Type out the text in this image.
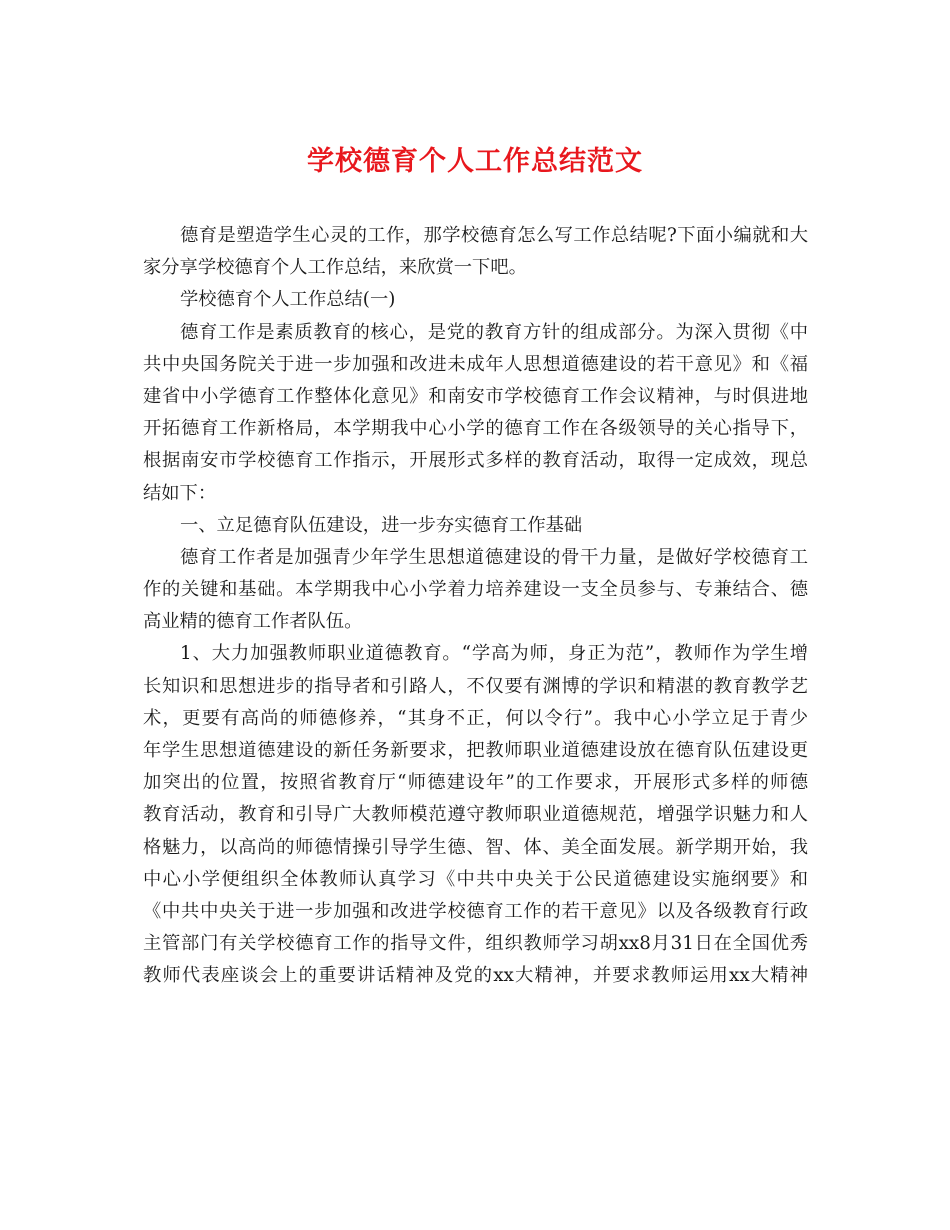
学校德育个人工作总结范文
德育是塑造学生心灵的工作，那学校德育怎么写工作总结呢?下面小编就和大
家分享学校德育个人工作总结，来欣赏一下吧。
学校德育个人工作总结(一)
德育工作是素质教育的核心，是党的教育方针的组成部分。为深入贯彻《中
共中央国务院关于进一步加强和改进未成年人思想道德建设的若干意见》和《福
建省中小学德育工作整体化意见》和南安市学校德育工作会议精神，与时俱进地
开拓德育工作新格局，本学期我中心小学的德育工作在各级领导的关心指导下，
根据南安市学校德育工作指示，开展形式多样的教育活动，取得一定成效，现总
结如下：
一、立足德育队伍建设，进一步夯实德育工作基础
德育工作者是加强青少年学生思想道德建设的骨干力量，是做好学校德育工
作的关键和基础。本学期我中心小学着力培养建设一支全员参与、专兼结合、德
高业精的德育工作者队伍。
1、大力加强教师职业道德教育。“学高为师，身正为范”，教师作为学生增
长知识和思想进步的指导者和引路人，不仅要有渊博的学识和精湛的教育教学艺
术，更要有高尚的师德修养，“其身不正，何以令行”。我中心小学立足于青少
年学生思想道德建设的新任务新要求，把教师职业道德建设放在德育队伍建设更
加突出的位置，按照省教育厅“师德建设年”的工作要求，开展形式多样的师德
教育活动，教育和引导广大教师模范遵守教师职业道德规范，增强学识魅力和人
格魅力，以高尚的师德情操引导学生德、智、体、美全面发展。新学期开始，我
中心小学便组织全体教师认真学习《中共中央关于公民道德建设实施纲要》和
《中共中央关于进一步加强和改进学校德育工作的若干意见》以及各级教育行政
主管部门有关学校德育工作的指导文件，组织教师学习胡xx8月31日在全国优秀
教师代表座谈会上的重要讲话精神及党的xx大精神，并要求教师运用xx大精神
